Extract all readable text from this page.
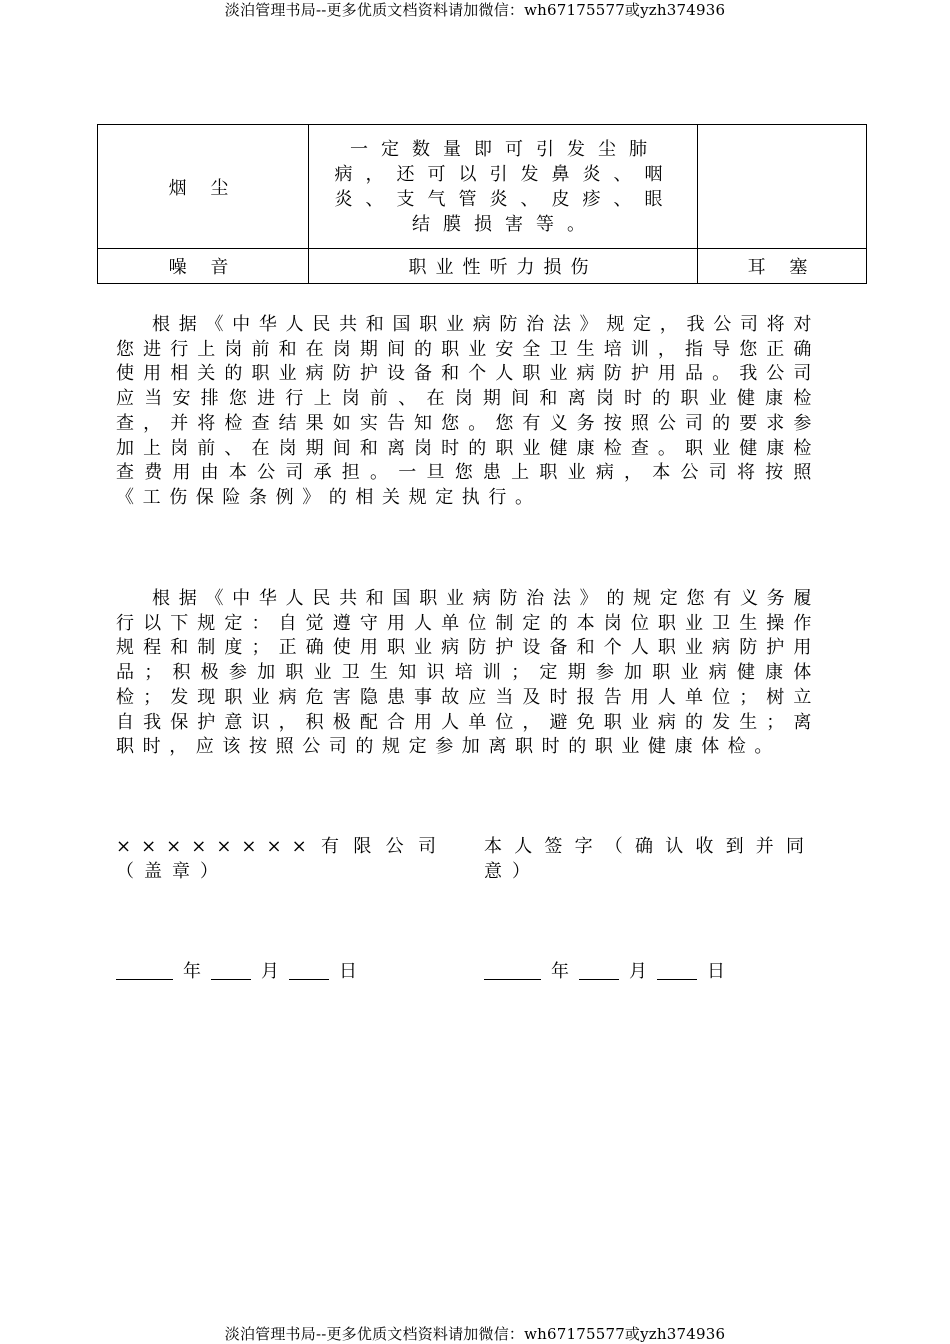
淡泊管理书局--更多优质文档资料请加微信：wh67175577或yzh374936
烟 尘	一定数量即可引发尘肺病，还可以引发鼻炎、咽炎、支气管炎、皮疹、眼结膜损害等。	
噪 音	职业性听力损伤	耳 塞

根据《中华人民共和国职业病防治法》规定，我公司将对您进行上岗前和在岗期间的职业安全卫生培训，指导您正确使用相关的职业病防护设备和个人职业病防护用品。我公司应当安排您进行上岗前、在岗期间和离岗时的职业健康检查，并将检查结果如实告知您。您有义务按照公司的要求参加上岗前、在岗期间和离岗时的职业健康检查。职业健康检查费用由本公司承担。一旦您患上职业病，本公司将按照《工伤保险条例》的相关规定执行。

根据《中华人民共和国职业病防治法》的规定您有义务履行以下规定：自觉遵守用人单位制定的本岗位职业卫生操作规程和制度；正确使用职业病防护设备和个人职业病防护用品；积极参加职业卫生知识培训；定期参加职业病健康体检；发现职业病危害隐患事故应当及时报告用人单位；树立自我保护意识，积极配合用人单位，避免职业病的发生；离职时，应该按照公司的规定参加离职时的职业健康体检。

××××××××有限公司（盖章）
本人签字（确认收到并同意）
年	月	日	年	月	日
淡泊管理书局--更多优质文档资料请加微信：wh67175577或yzh374936
